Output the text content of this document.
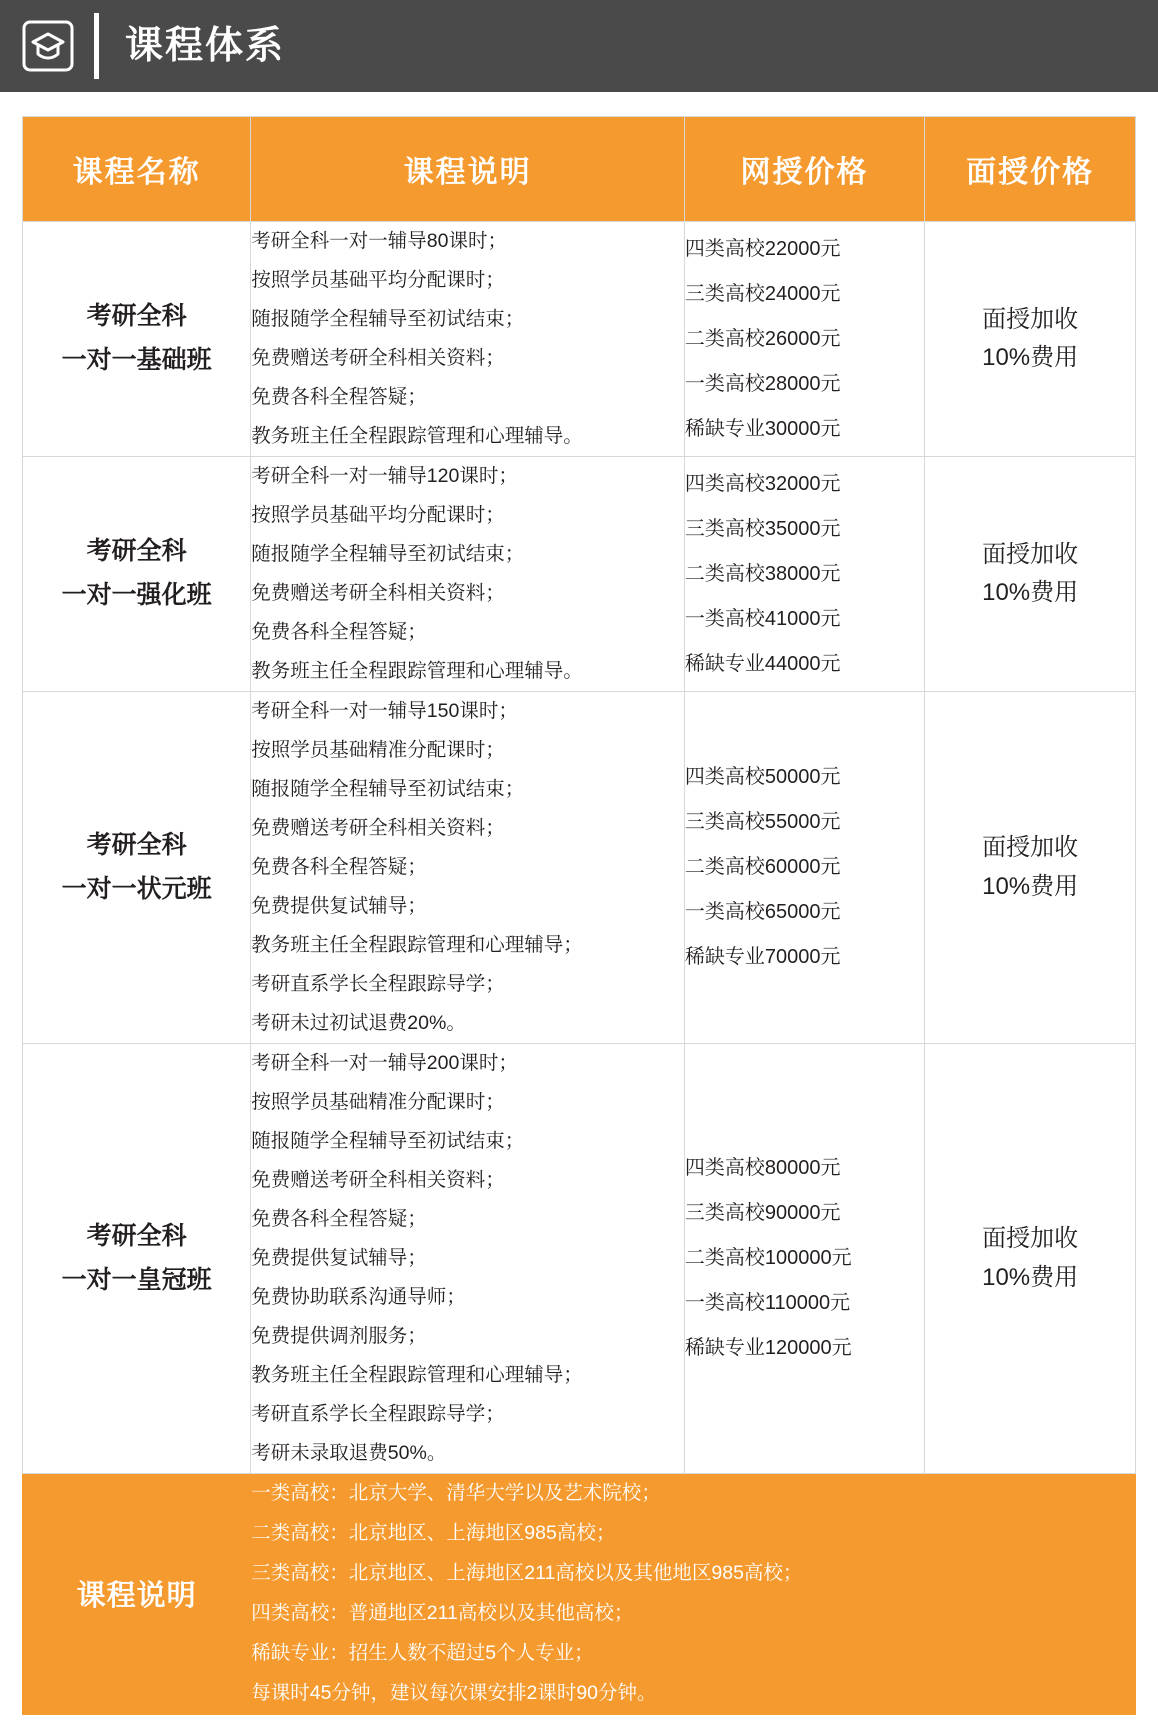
课程体系
课程名称	课程说明	网授价格	面授价格

考研全科
一对一基础班

考研全科一对一辅导80课时；
按照学员基础平均分配课时；
随报随学全程辅导至初试结束；
免费赠送考研全科相关资料；
免费各科全程答疑；
教务班主任全程跟踪管理和心理辅导。

四类高校22000元
三类高校24000元
二类高校26000元
一类高校28000元
稀缺专业30000元

面授加收
10%费用

考研全科
一对一强化班

考研全科一对一辅导120课时；
按照学员基础平均分配课时；
随报随学全程辅导至初试结束；
免费赠送考研全科相关资料；
免费各科全程答疑；
教务班主任全程跟踪管理和心理辅导。

四类高校32000元
三类高校35000元
二类高校38000元
一类高校41000元
稀缺专业44000元

面授加收
10%费用

考研全科
一对一状元班

考研全科一对一辅导150课时；
按照学员基础精准分配课时；
随报随学全程辅导至初试结束；
免费赠送考研全科相关资料；
免费各科全程答疑；
免费提供复试辅导；
教务班主任全程跟踪管理和心理辅导；
考研直系学长全程跟踪导学；
考研未过初试退费20%。

四类高校50000元
三类高校55000元
二类高校60000元
一类高校65000元
稀缺专业70000元

面授加收
10%费用

考研全科
一对一皇冠班

考研全科一对一辅导200课时；
按照学员基础精准分配课时；
随报随学全程辅导至初试结束；
免费赠送考研全科相关资料；
免费各科全程答疑；
免费提供复试辅导；
免费协助联系沟通导师；
免费提供调剂服务；
教务班主任全程跟踪管理和心理辅导；
考研直系学长全程跟踪导学；
考研未录取退费50%。

四类高校80000元
三类高校90000元
二类高校100000元
一类高校110000元
稀缺专业120000元

面授加收
10%费用

课程说明	
一类高校：北京大学、清华大学以及艺术院校；
二类高校：北京地区、上海地区985高校；
三类高校：北京地区、上海地区211高校以及其他地区985高校；
四类高校：普通地区211高校以及其他高校；
稀缺专业：招生人数不超过5个人专业；
每课时45分钟，建议每次课安排2课时90分钟。
